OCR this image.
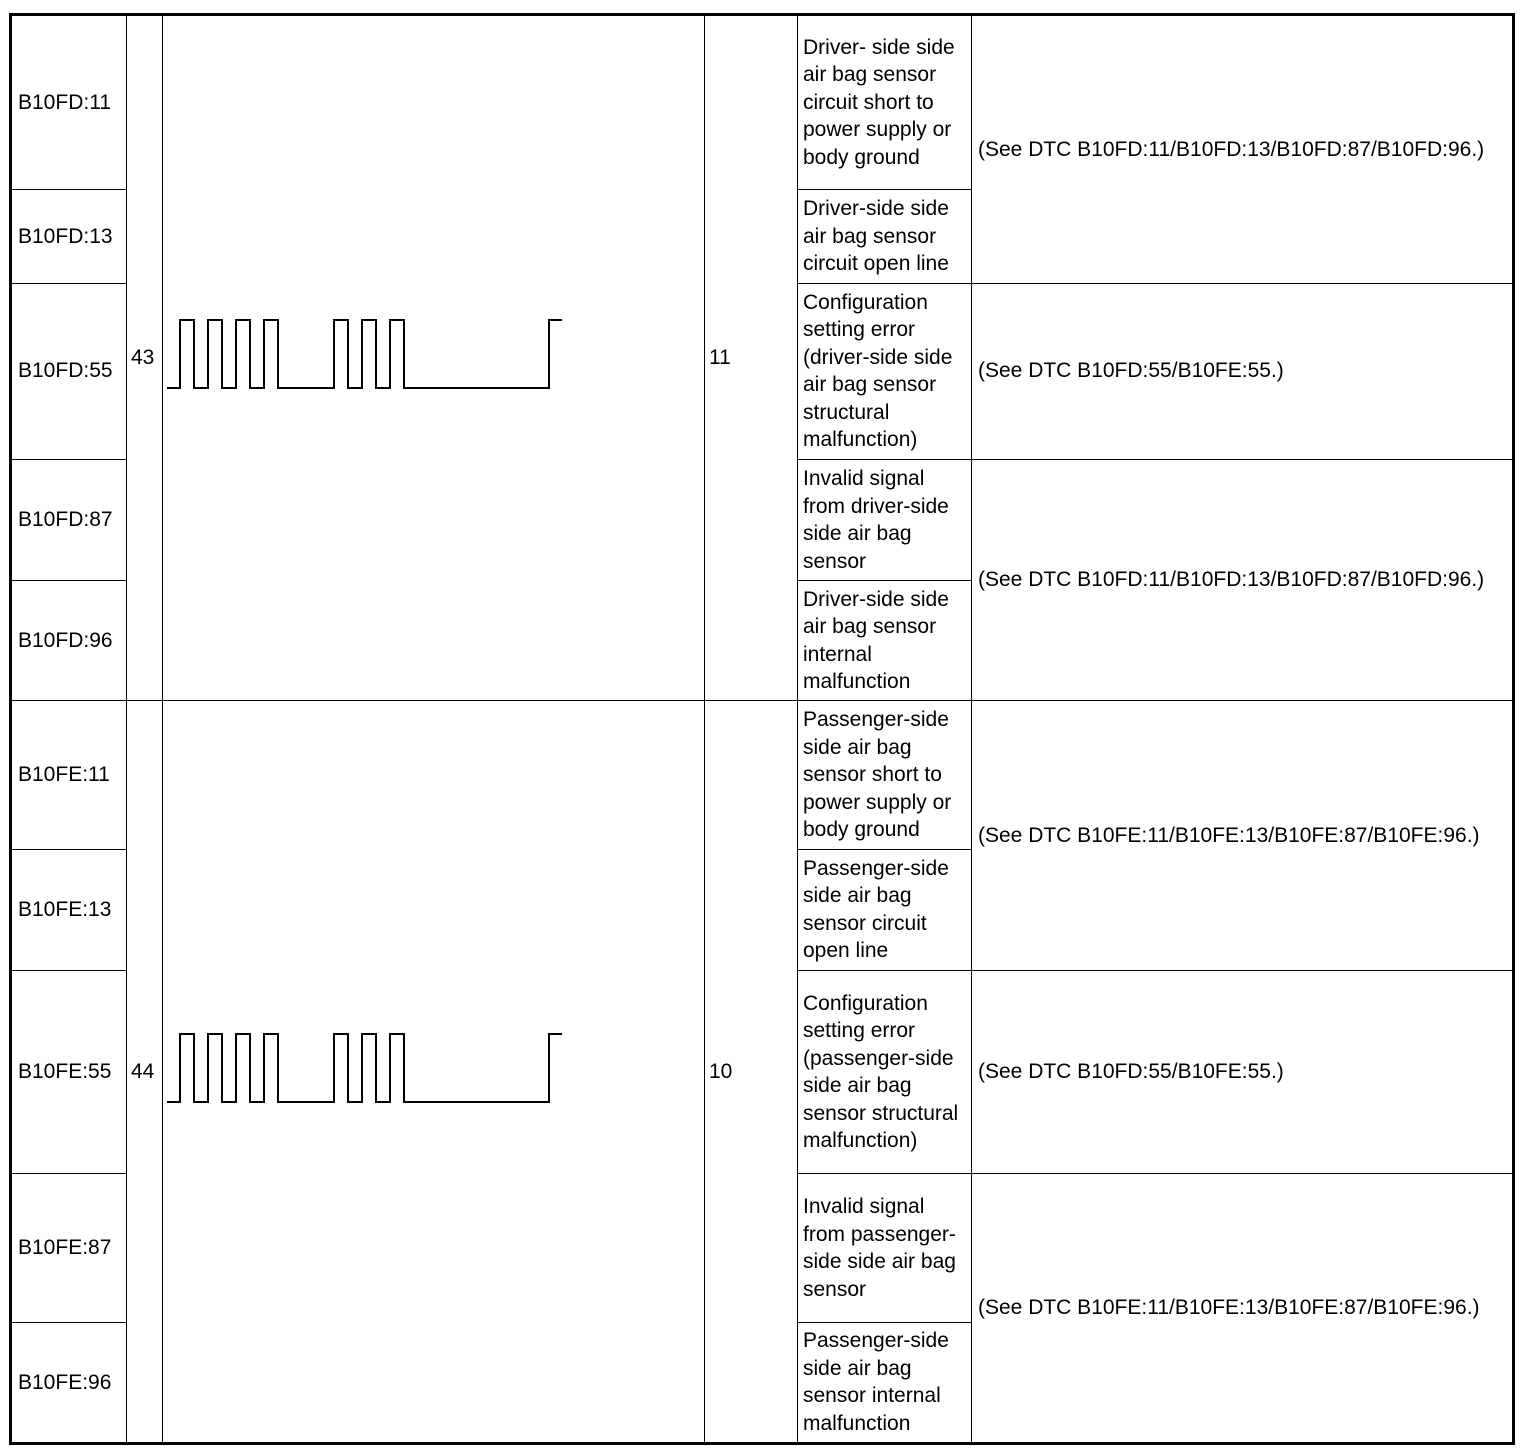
B10FD:11	43		11	Driver- side side air bag sensor circuit short to power supply or body ground	(See DTC B10FD:11/B10FD:13/B10FD:87/B10FD:96.)
B10FD:13				Driver-side side air bag sensor circuit open line	
B10FD:55				Configuration setting error (driver-side side air bag sensor structural malfunction)	(See DTC B10FD:55/B10FE:55.)
B10FD:87				Invalid signal from driver-side side air bag sensor	(See DTC B10FD:11/B10FD:13/B10FD:87/B10FD:96.)
B10FD:96				Driver-side side air bag sensor internal malfunction	
B10FE:11	44		10	Passenger-side side air bag sensor short to power supply or body ground	(See DTC B10FE:11/B10FE:13/B10FE:87/B10FE:96.)
B10FE:13				Passenger-side side air bag sensor circuit open line	
B10FE:55				Configuration setting error (passenger-side side air bag sensor structural malfunction)	(See DTC B10FD:55/B10FE:55.)
B10FE:87				Invalid signal from passenger-side side air bag sensor	(See DTC B10FE:11/B10FE:13/B10FE:87/B10FE:96.)
B10FE:96				Passenger-side side air bag sensor internal malfunction	
